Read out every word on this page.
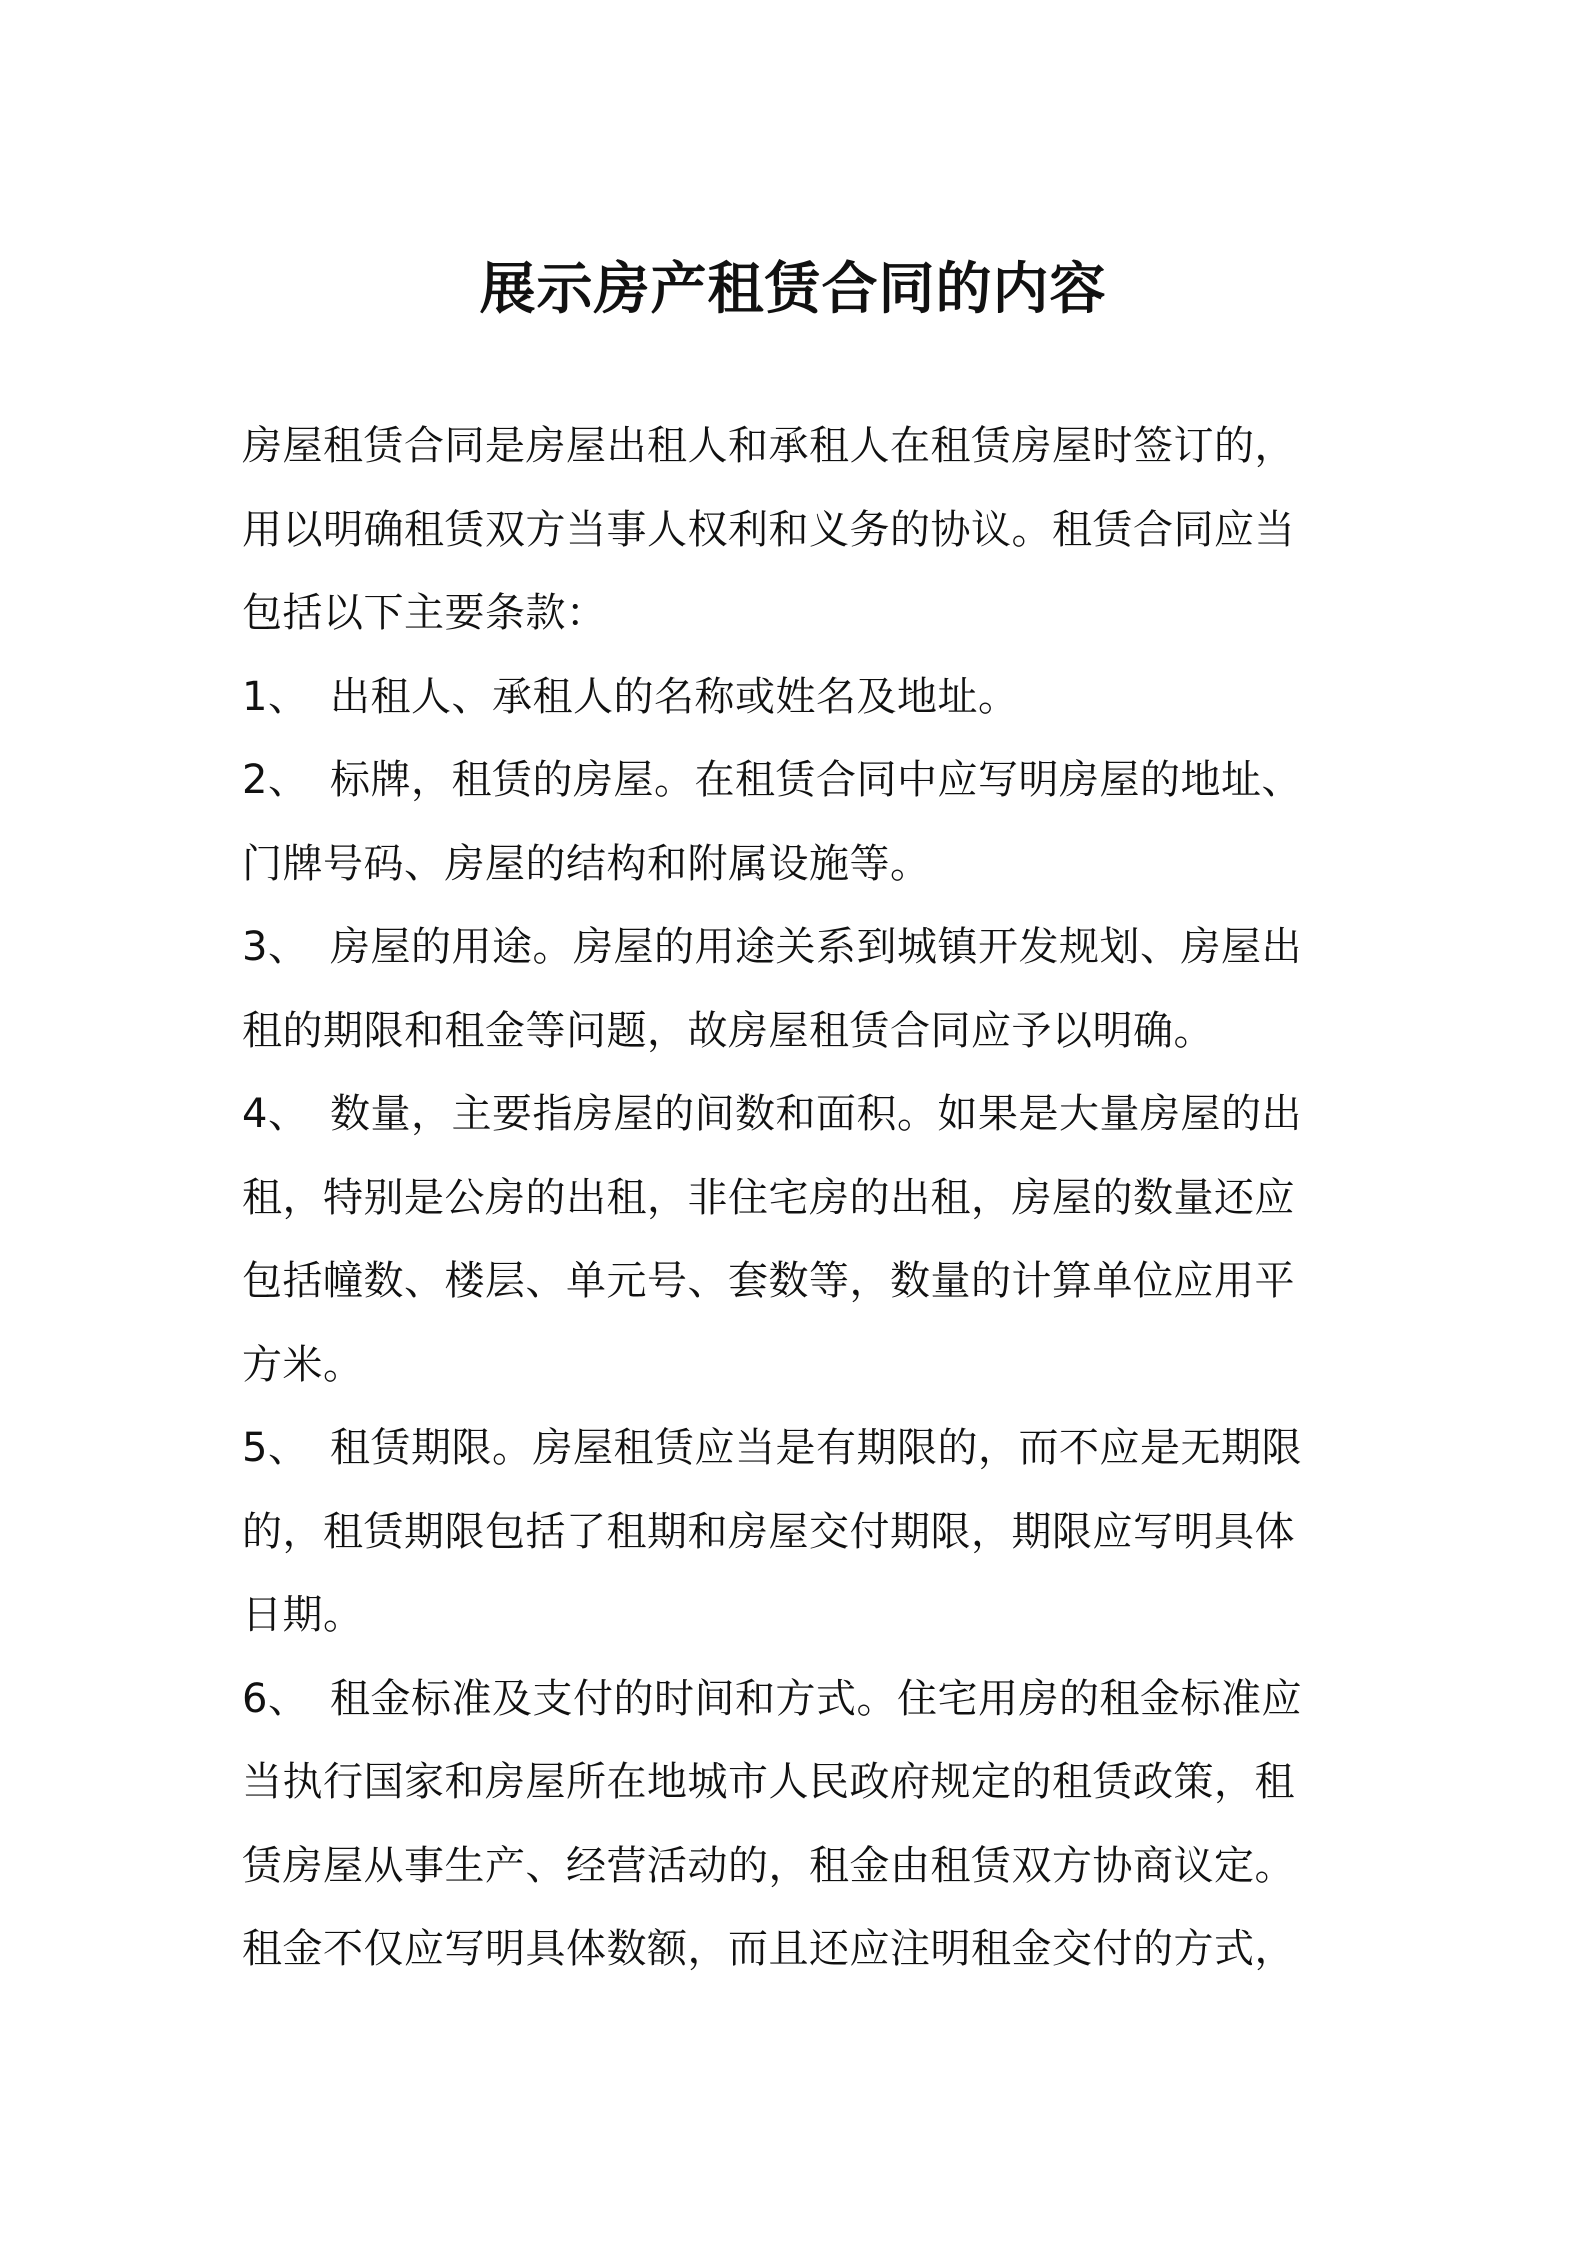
展示房产租赁合同的内容
房屋租赁合同是房屋出租人和承租人在租赁房屋时签订的，
用以明确租赁双方当事人权利和义务的协议。租赁合同应当
包括以下主要条款：
1、 出租人、承租人的名称或姓名及地址。
2、 标牌，租赁的房屋。在租赁合同中应写明房屋的地址、
门牌号码、房屋的结构和附属设施等。
3、 房屋的用途。房屋的用途关系到城镇开发规划、房屋出
租的期限和租金等问题，故房屋租赁合同应予以明确。
4、 数量，主要指房屋的间数和面积。如果是大量房屋的出
租，特别是公房的出租，非住宅房的出租，房屋的数量还应
包括幢数、楼层、单元号、套数等，数量的计算单位应用平
方米。
5、 租赁期限。房屋租赁应当是有期限的，而不应是无期限
的，租赁期限包括了租期和房屋交付期限，期限应写明具体
日期。
6、 租金标准及支付的时间和方式。住宅用房的租金标准应
当执行国家和房屋所在地城市人民政府规定的租赁政策，租
赁房屋从事生产、经营活动的，租金由租赁双方协商议定。
租金不仅应写明具体数额，而且还应注明租金交付的方式，
